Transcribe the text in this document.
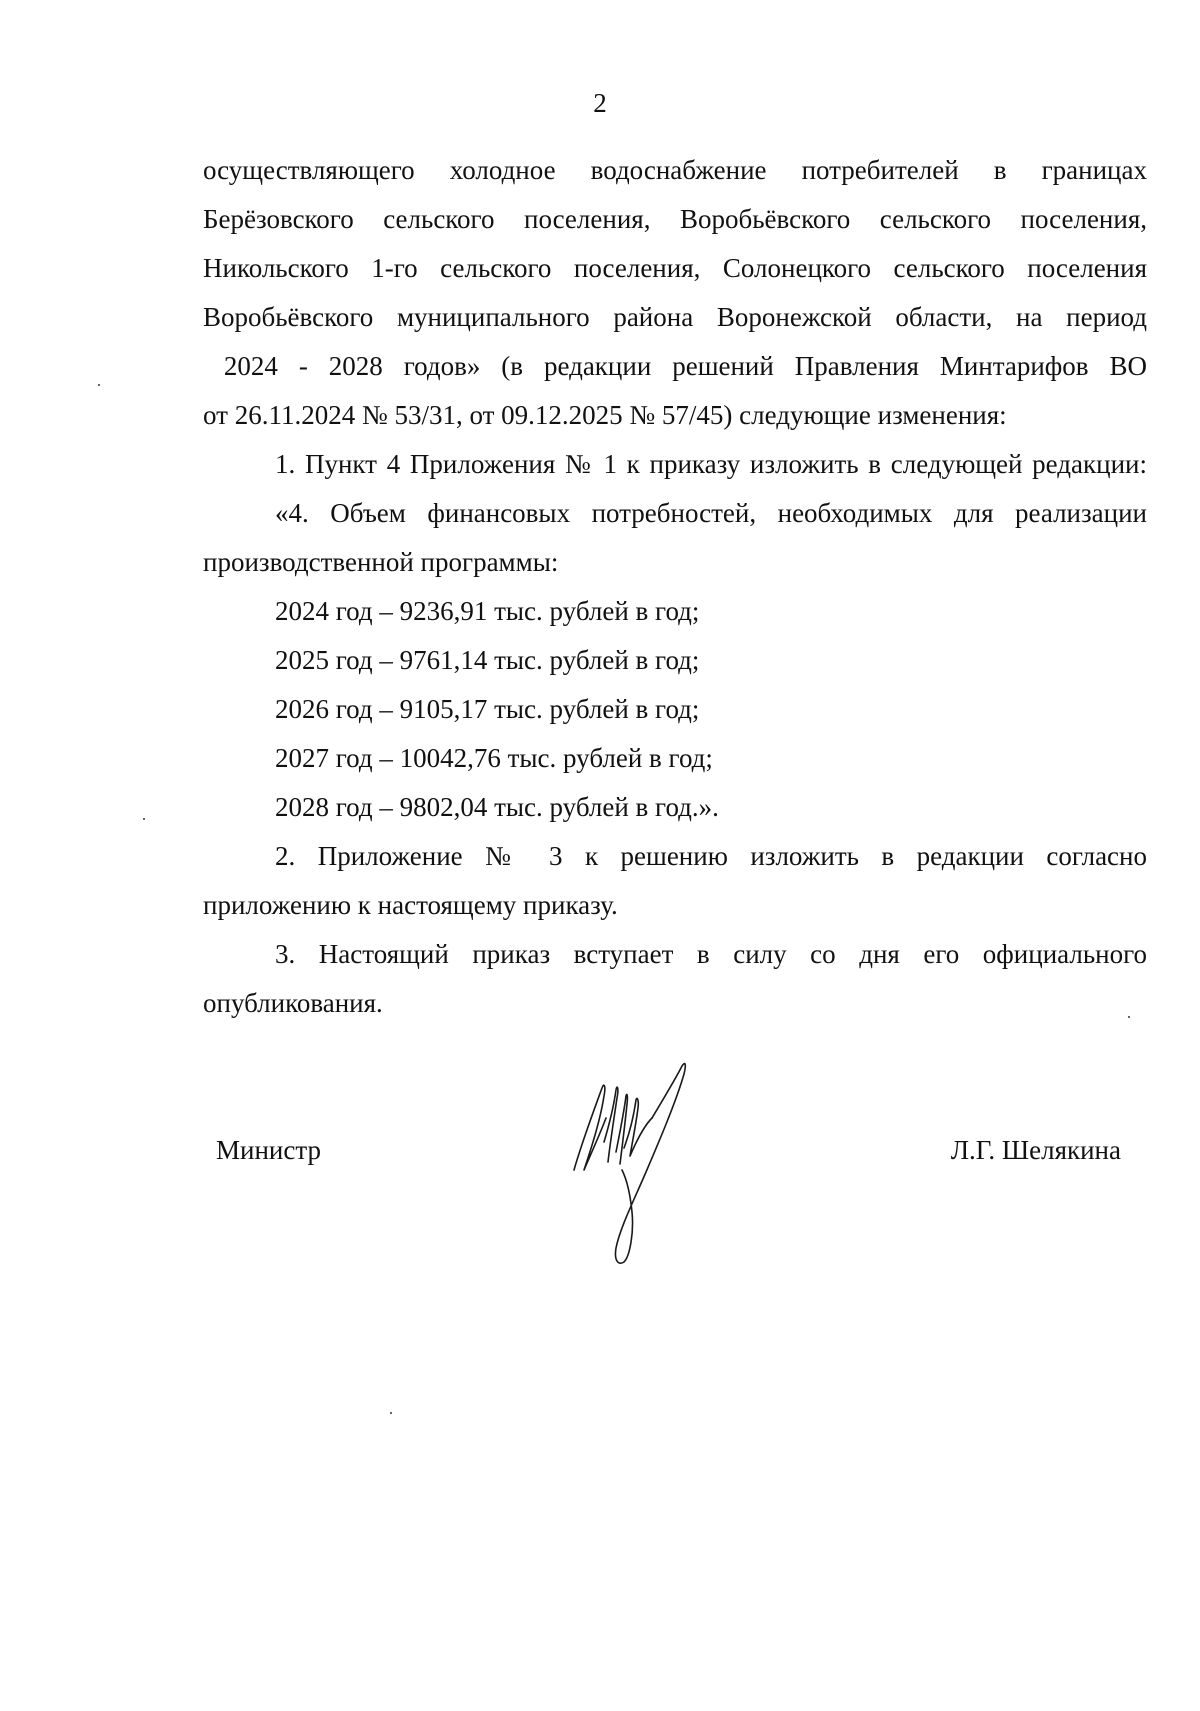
2

осуществляющего холодное водоснабжение потребителей в границах

Берёзовского сельского поселения, Воробьёвского сельского поселения,

Никольского 1-го сельского поселения, Солонецкого сельского поселения

Воробьёвского муниципального района Воронежской области, на период

2024 - 2028 годов» (в редакции решений Правления Минтарифов ВО

от 26.11.2024 № 53/31, от 09.12.2025 № 57/45) следующие изменения:

1. Пункт 4 Приложения № 1 к приказу изложить в следующей редакции:

«4. Объем финансовых потребностей, необходимых для реализации

производственной программы:

2024 год – 9236,91 тыс. рублей в год;

2025 год – 9761,14 тыс. рублей в год;

2026 год – 9105,17 тыс. рублей в год;

2027 год – 10042,76 тыс. рублей в год;

2028 год – 9802,04 тыс. рублей в год.».

2. Приложение № 3 к решению изложить в редакции согласно

приложению к настоящему приказу.

3. Настоящий приказ вступает в силу со дня его официального

опубликования.

Министр	Л.Г. Шелякина
